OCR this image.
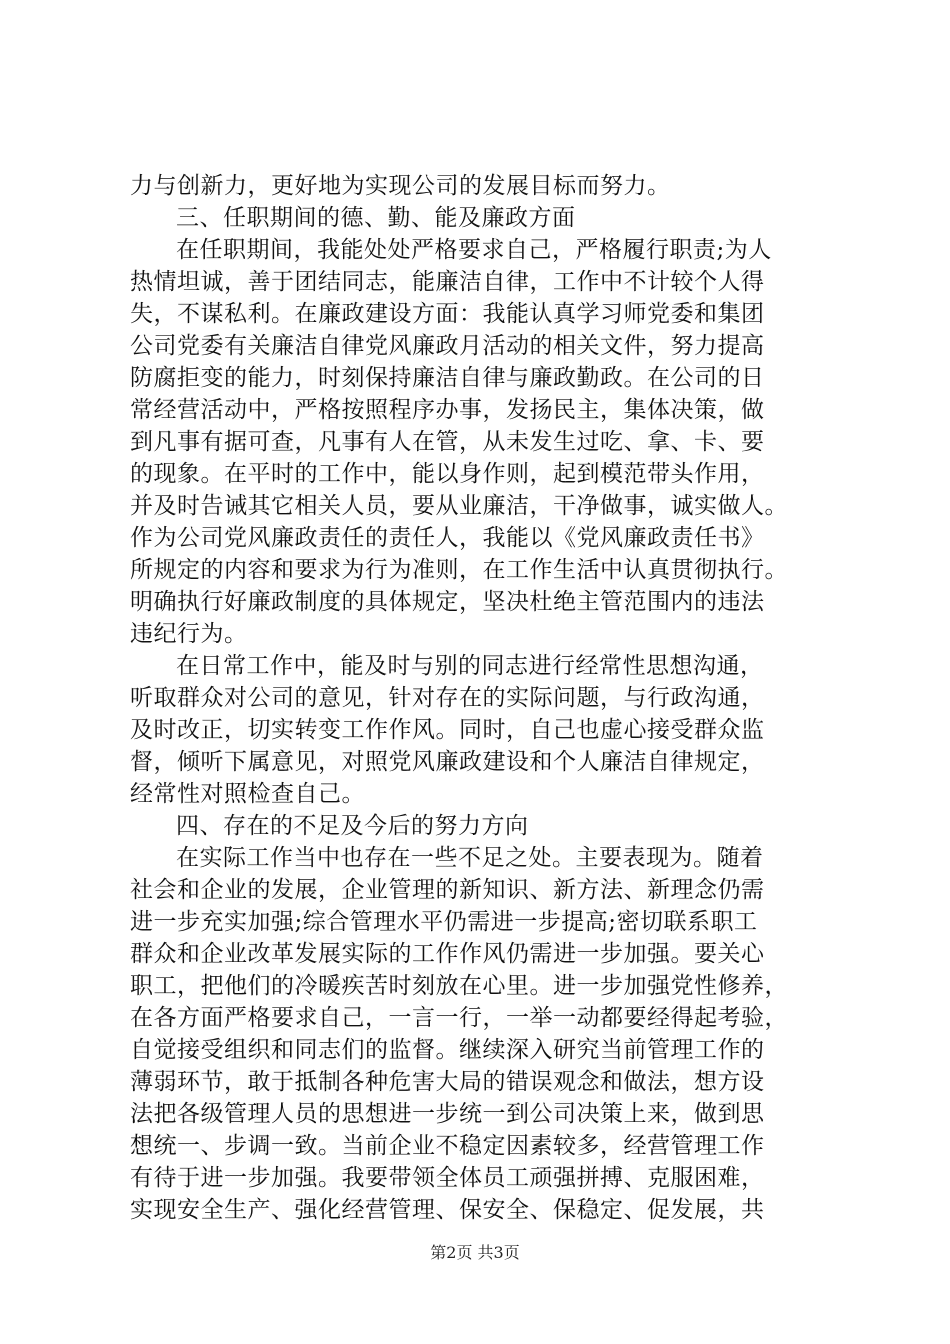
力与创新力，更好地为实现公司的发展目标而努力。
三、任职期间的德、勤、能及廉政方面
在任职期间，我能处处严格要求自己，严格履行职责;为人
热情坦诚，善于团结同志，能廉洁自律，工作中不计较个人得
失，不谋私利。在廉政建设方面：我能认真学习师党委和集团
公司党委有关廉洁自律党风廉政月活动的相关文件，努力提高
防腐拒变的能力，时刻保持廉洁自律与廉政勤政。在公司的日
常经营活动中，严格按照程序办事，发扬民主，集体决策，做
到凡事有据可查，凡事有人在管，从未发生过吃、拿、卡、要
的现象。在平时的工作中，能以身作则，起到模范带头作用，
并及时告诫其它相关人员，要从业廉洁，干净做事，诚实做人。
作为公司党风廉政责任的责任人，我能以《党风廉政责任书》
所规定的内容和要求为行为准则，在工作生活中认真贯彻执行。
明确执行好廉政制度的具体规定，坚决杜绝主管范围内的违法
违纪行为。
在日常工作中，能及时与别的同志进行经常性思想沟通，
听取群众对公司的意见，针对存在的实际问题，与行政沟通，
及时改正，切实转变工作作风。同时，自己也虚心接受群众监
督，倾听下属意见，对照党风廉政建设和个人廉洁自律规定，
经常性对照检查自己。
四、存在的不足及今后的努力方向
在实际工作当中也存在一些不足之处。主要表现为。随着
社会和企业的发展，企业管理的新知识、新方法、新理念仍需
进一步充实加强;综合管理水平仍需进一步提高;密切联系职工
群众和企业改革发展实际的工作作风仍需进一步加强。要关心
职工，把他们的冷暖疾苦时刻放在心里。进一步加强党性修养，
在各方面严格要求自己，一言一行，一举一动都要经得起考验，
自觉接受组织和同志们的监督。继续深入研究当前管理工作的
薄弱环节，敢于抵制各种危害大局的错误观念和做法，想方设
法把各级管理人员的思想进一步统一到公司决策上来，做到思
想统一、步调一致。当前企业不稳定因素较多，经营管理工作
有待于进一步加强。我要带领全体员工顽强拼搏、克服困难，
实现安全生产、强化经营管理、保安全、保稳定、促发展，共
第2页 共3页
